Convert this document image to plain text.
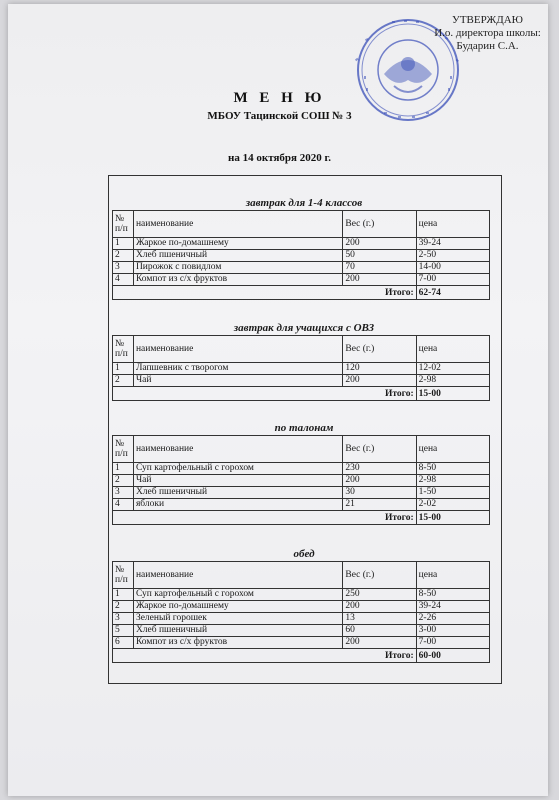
УТВЕРЖДАЮ
И.о. директора школы:
Бударин С.А.
М Е Н Ю
МБОУ Тацинской СОШ № 3
на 14 октября 2020 г.
завтрак для 1-4 классов
№ п/п	наименование	Вес (г.)	цена
1	Жаркое по-домашнему	200	39-24
2	Хлеб пшеничный	50	2-50
3	Пирожок с повидлом	70	14-00
4	Компот из с/х фруктов	200	7-00
Итого:			62-74
завтрак для учащихся с ОВЗ
№ п/п	наименование	Вес (г.)	цена
1	Лапшевник с творогом	120	12-02
2	Чай	200	2-98
Итого:			15-00
по талонам
№ п/п	наименование	Вес (г.)	цена
1	Суп картофельный с горохом	230	8-50
2	Чай	200	2-98
3	Хлеб пшеничный	30	1-50
4	яблоки	21	2-02
Итого:			15-00
обед
№ п/п	наименование	Вес (г.)	цена
1	Суп картофельный с горохом	250	8-50
2	Жаркое по-домашнему	200	39-24
3	Зеленый горошек	13	2-26
5	Хлеб пшеничный	60	3-00
6	Компот из с/х фруктов	200	7-00
Итого:			60-00
